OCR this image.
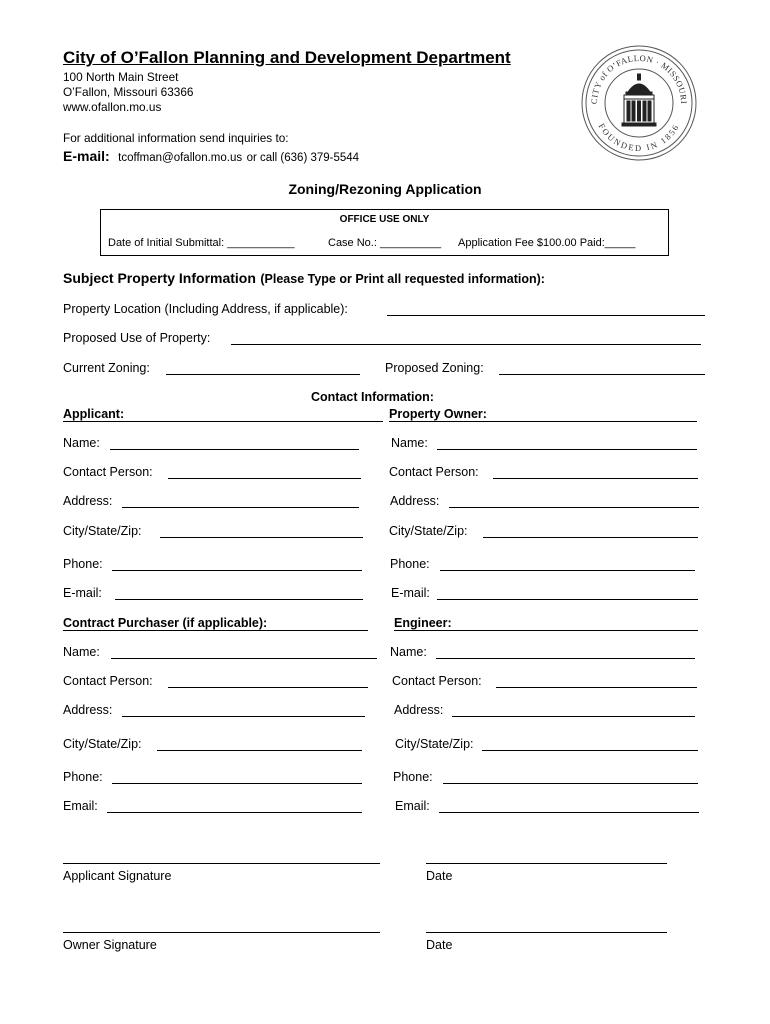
City of O’Fallon Planning and Development Department
100 North Main Street
O’Fallon, Missouri 63366
www.ofallon.mo.us
For additional information send inquiries to:
E-mail: tcoffman@ofallon.mo.us or call (636) 379-5544
CITY of O’FALLON · MISSOURI
FOUNDED IN 1856
Zoning/Rezoning Application
OFFICE USE ONLY
Date of Initial Submittal: ___________	Case No.: __________ Application Fee $100.00 Paid:_____
Subject Property Information (Please Type or Print all requested information):
Property Location (Including Address, if applicable):
Proposed Use of Property:
Current Zoning:	Proposed Zoning:
Contact Information:
Applicant:	Property Owner:
Name:	Name:
Contact Person:	Contact Person:
Address:	Address:
City/State/Zip:	City/State/Zip:
Phone:	Phone:
E-mail:	E-mail:
Contract Purchaser (if applicable):	Engineer:
Name:	Name:
Contact Person:	Contact Person:
Address:	Address:
City/State/Zip:	City/State/Zip:
Phone:	Phone:
Email:	Email:
Applicant Signature	Date
Owner Signature	Date
